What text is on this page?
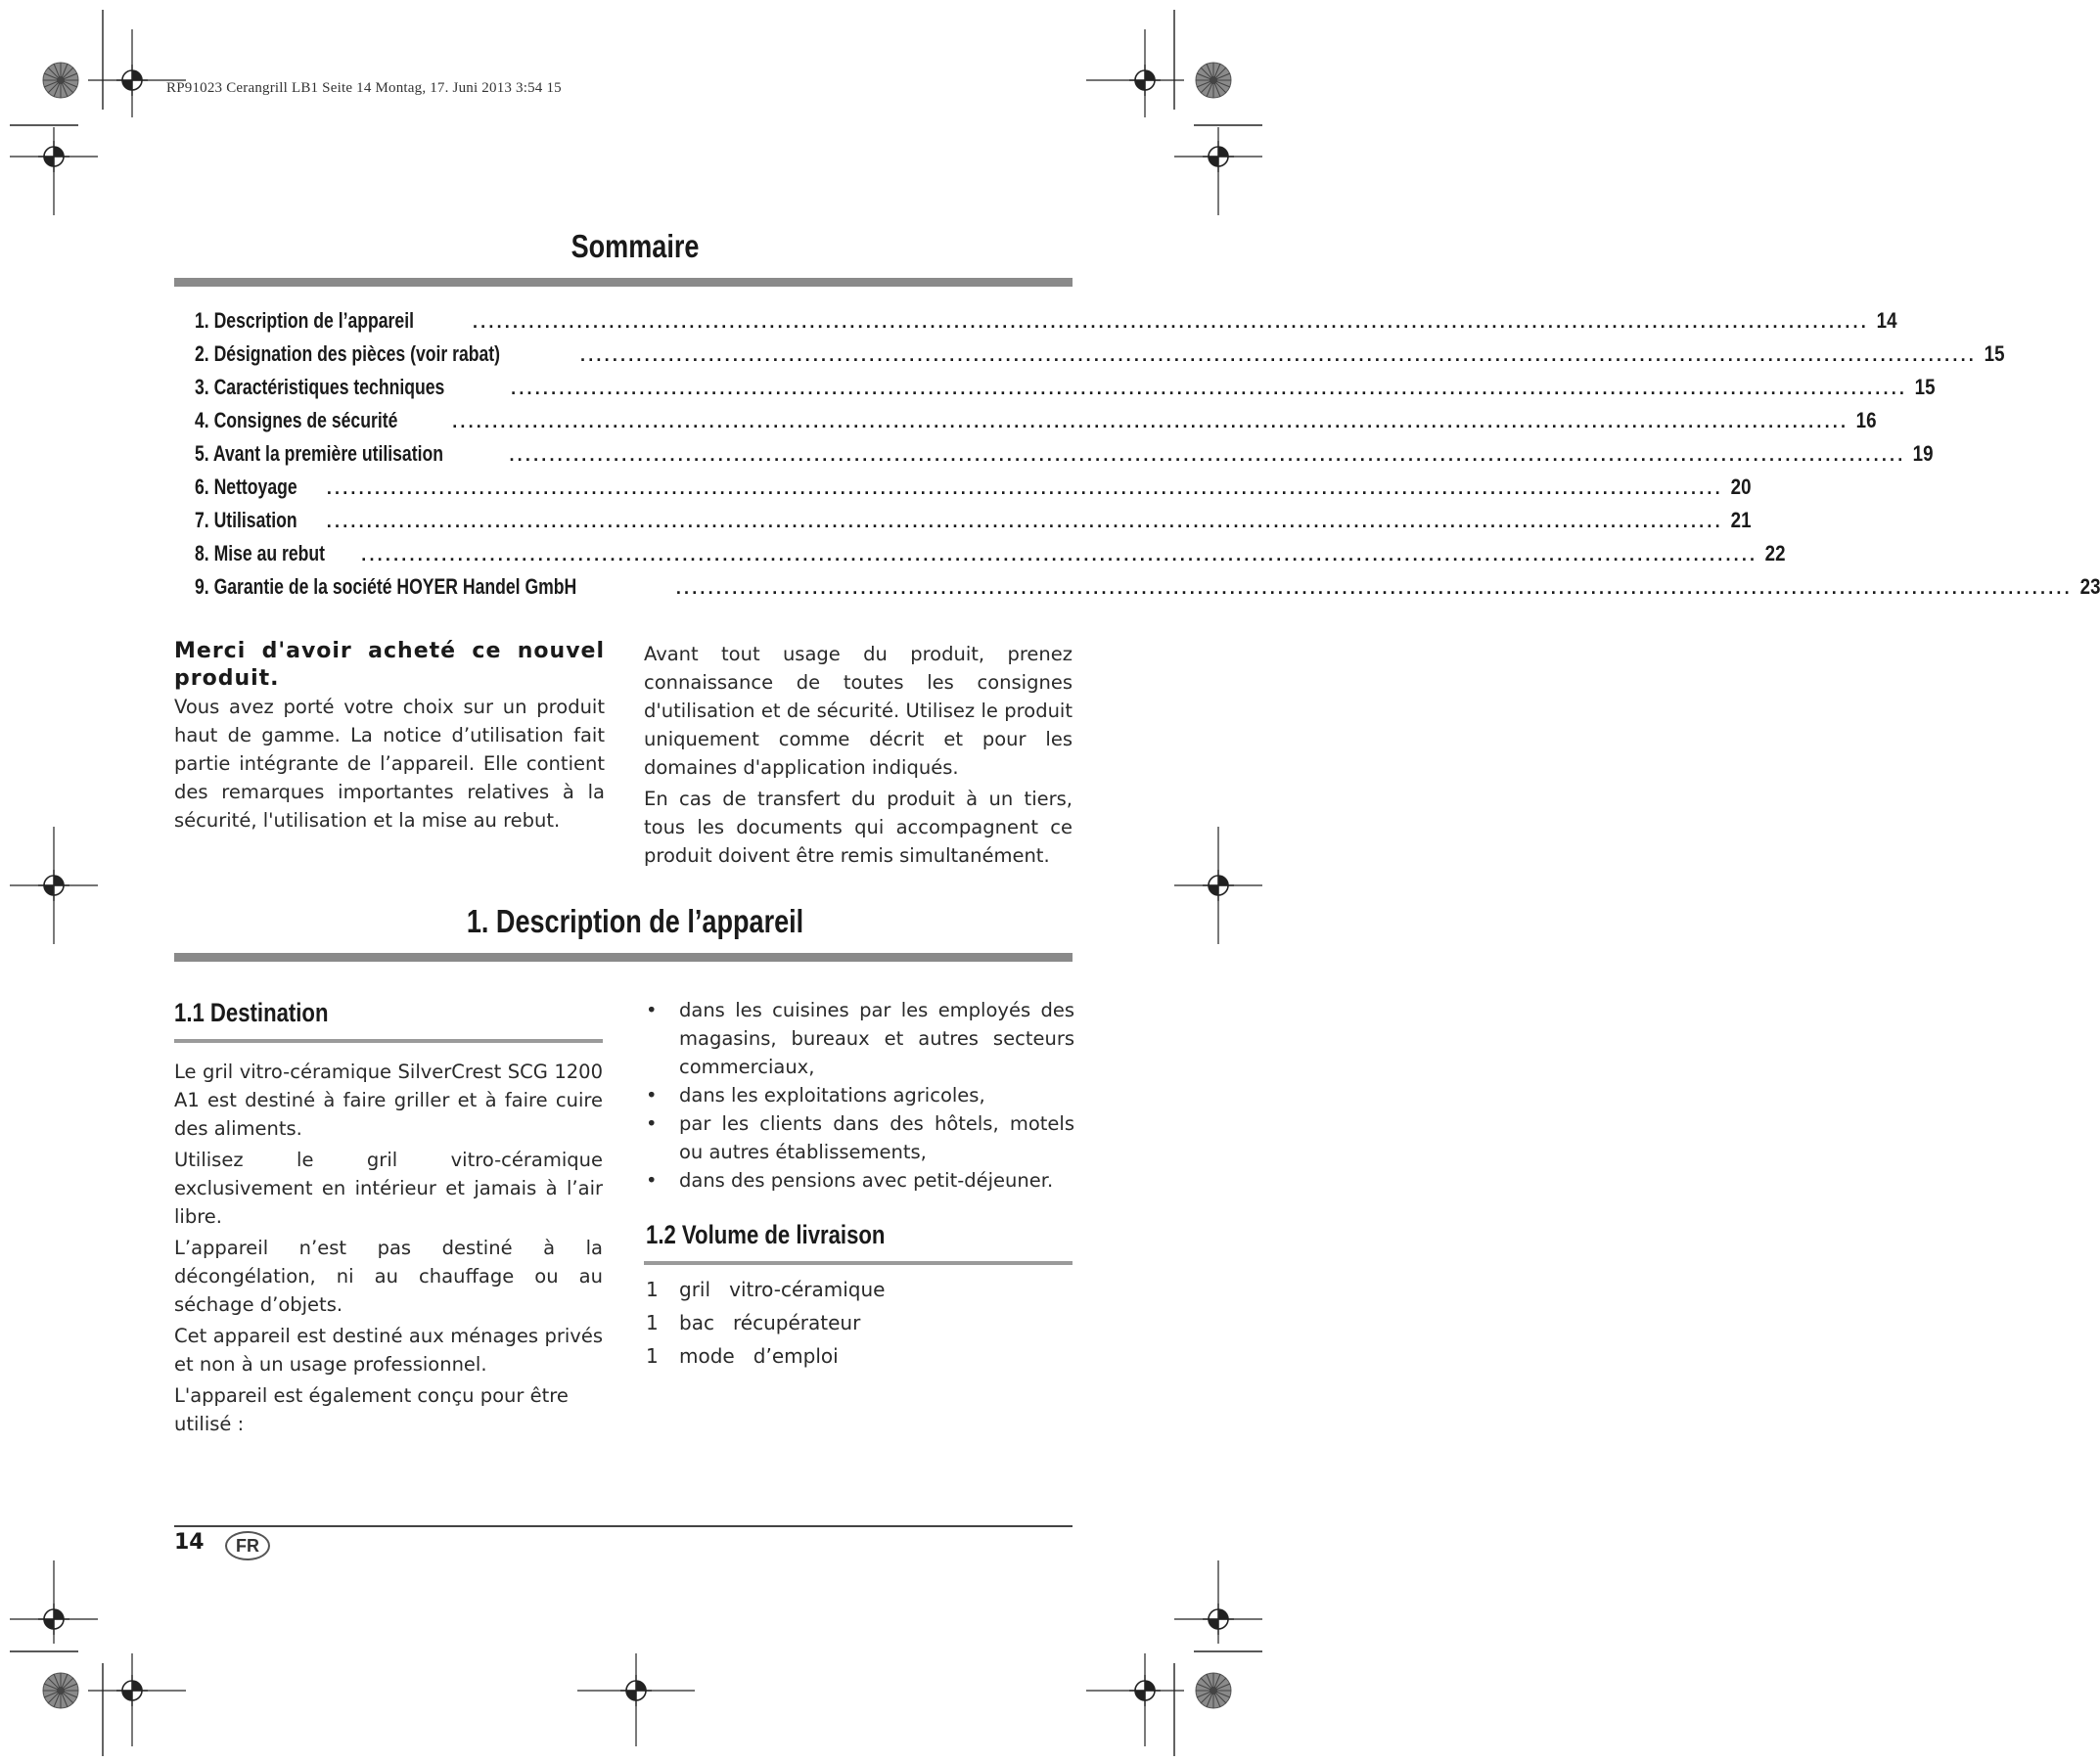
RP91023 Cerangrill LB1 Seite 14 Montag, 17. Juni 2013 3:54 15
Sommaire
1. Description de l’appareil	.............................................................................................................................................................................. 14
2. Désignation des pièces (voir rabat)	.............................................................................................................................................................................. 15
3. Caractéristiques techniques	.............................................................................................................................................................................. 15
4. Consignes de sécurité	.............................................................................................................................................................................. 16
5. Avant la première utilisation	.............................................................................................................................................................................. 19
6. Nettoyage	.............................................................................................................................................................................. 20
7. Utilisation	.............................................................................................................................................................................. 21
8. Mise au rebut	.............................................................................................................................................................................. 22
9. Garantie de la société HOYER Handel GmbH	.............................................................................................................................................................................. 23

Merci d'avoir acheté ce nouvel produit.

Vous avez porté votre choix sur un produit haut de gamme. La notice d’utilisation fait partie intégrante de l’appareil. Elle contient des remarques importantes relatives à la sécurité, l'utilisation et la mise au rebut.

Avant tout usage du produit, prenez connaissance de toutes les consignes d'utilisation et de sécurité. Utilisez le produit uniquement comme décrit et pour les domaines d'application indiqués.

En cas de transfert du produit à un tiers, tous les documents qui accompagnent ce produit doivent être remis simultanément.

1. Description de l’appareil
1.1 Destination

Le gril vitro-céramique SilverCrest SCG 1200 A1 est destiné à faire griller et à faire cuire des aliments.

Utilisez le gril vitro-céramique exclusivement en intérieur et jamais à l’air libre.

L’appareil n’est pas destiné à la décongélation, ni au chauffage ou au séchage d’objets.

Cet appareil est destiné aux ménages privés et non à un usage professionnel.

L'appareil est également conçu pour être utilisé :

• dans les cuisines par les employés des magasins, bureaux et autres secteurs commerciaux,
• dans les exploitations agricoles,
• par les clients dans des hôtels, motels ou autres établissements,
• dans des pensions avec petit-déjeuner.
1.2 Volume de livraison
1	gril   vitro-céramique
1	bac   récupérateur
1	mode   d’emploi
14 FR
